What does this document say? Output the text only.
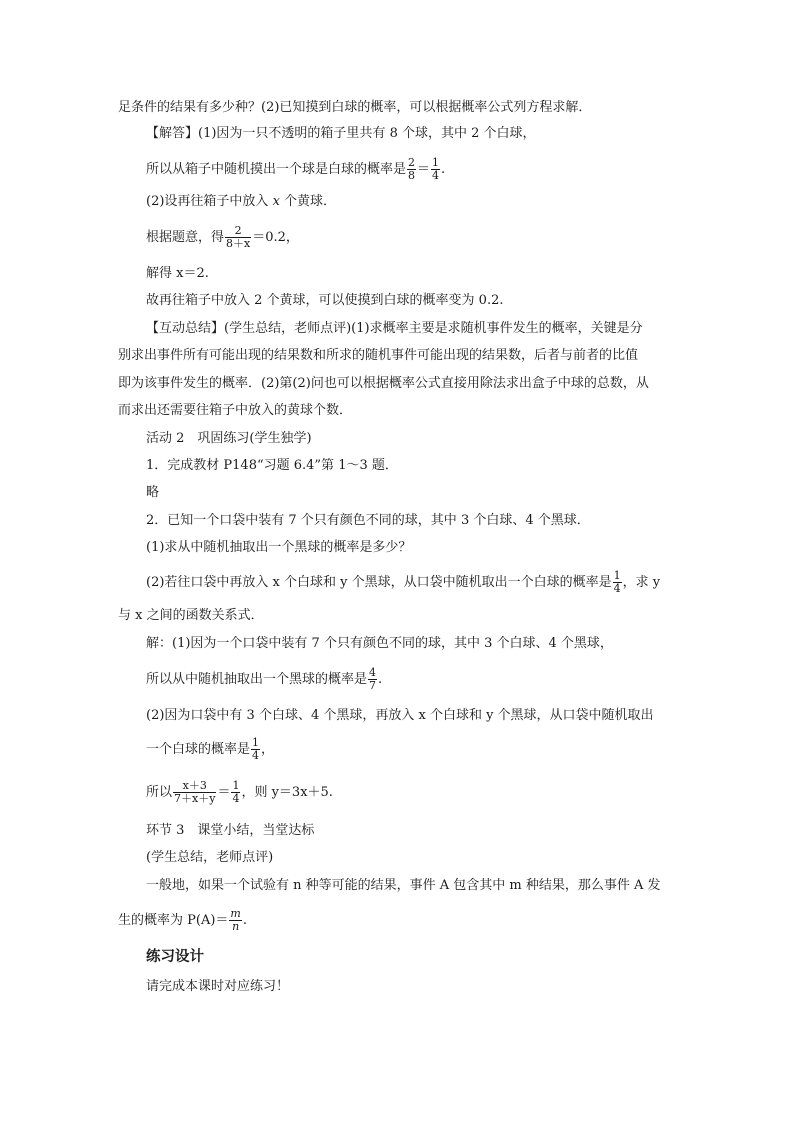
足条件的结果有多少种？(2)已知摸到白球的概率，可以根据概率公式列方程求解．
【解答】(1)因为一只不透明的箱子里共有 8 个球，其中 2 个白球，
所以从箱子中随机摸出一个球是白球的概率是 $\frac{2}{8} = \frac{1}{4}$ .
(2)设再往箱子中放入 x 个黄球．
根据题意，得 $\frac{2}{8+x} =0.2$，
解得 x＝2.
故再往箱子中放入 2 个黄球，可以使摸到白球的概率变为 0.2.
【互动总结】(学生总结，老师点评)(1)求概率主要是求随机事件发生的概率，关键是分
别求出事件所有可能出现的结果数和所求的随机事件可能出现的结果数，后者与前者的比值
即为该事件发生的概率．(2)第(2)问也可以根据概率公式直接用除法求出盒子中球的总数，从
而求出还需要往箱子中放入的黄球个数．
活动 2　巩固练习(学生独学)
1．完成教材 P148“习题 6.4”第 1～3 题．
略
2．已知一个口袋中装有 7 个只有颜色不同的球，其中 3 个白球、4 个黑球．
(1)求从中随机抽取出一个黑球的概率是多少？
(2)若往口袋中再放入 x 个白球和 y 个黑球，从口袋中随机取出一个白球的概率是 $\frac{1}{4}$ ，求 y
与 x 之间的函数关系式．
解：(1)因为一个口袋中装有 7 个只有颜色不同的球，其中 3 个白球、4 个黑球，
所以从中随机抽取出一个黑球的概率是 $\frac{4}{7}$ .
(2)因为口袋中有 3 个白球、4 个黑球，再放入 x 个白球和 y 个黑球，从口袋中随机取出
一个白球的概率是 $\frac{1}{4}$ ，
所以 $\frac{x+3}{7+x+y} = \frac{1}{4}$ ，则 y＝3x＋5.
环节 3　课堂小结，当堂达标
(学生总结，老师点评)
一般地，如果一个试验有 n 种等可能的结果，事件 A 包含其中 m 种结果，那么事件 A 发
生的概率为 $P(A)= \frac{m}{n}$ .
练习设计
请完成本课时对应练习！
